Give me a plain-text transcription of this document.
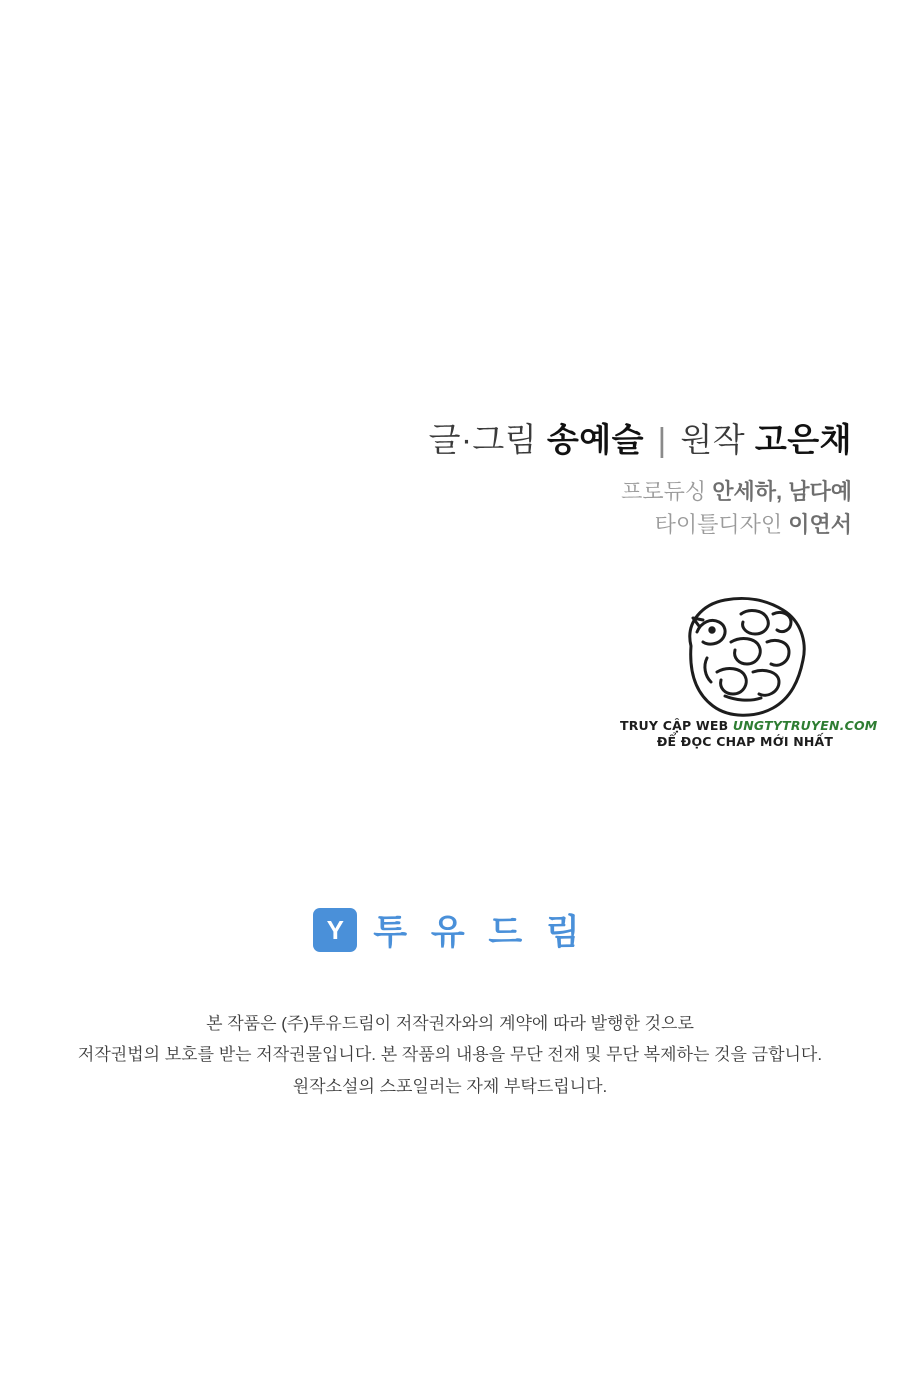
글·그림 송예슬 | 원작 고은채
프로듀싱 안세하, 남다예
타이틀디자인 이연서
TRUY CẬP WEB UNGTYTRUYEN.COM
ĐỂ ĐỌC CHAP MỚI NHẤT
Y 투 유 드 림
본 작품은 (주)투유드림이 저작권자와의 계약에 따라 발행한 것으로
저작권법의 보호를 받는 저작권물입니다. 본 작품의 내용을 무단 전재 및 무단 복제하는 것을 금합니다.
원작소설의 스포일러는 자제 부탁드립니다.
